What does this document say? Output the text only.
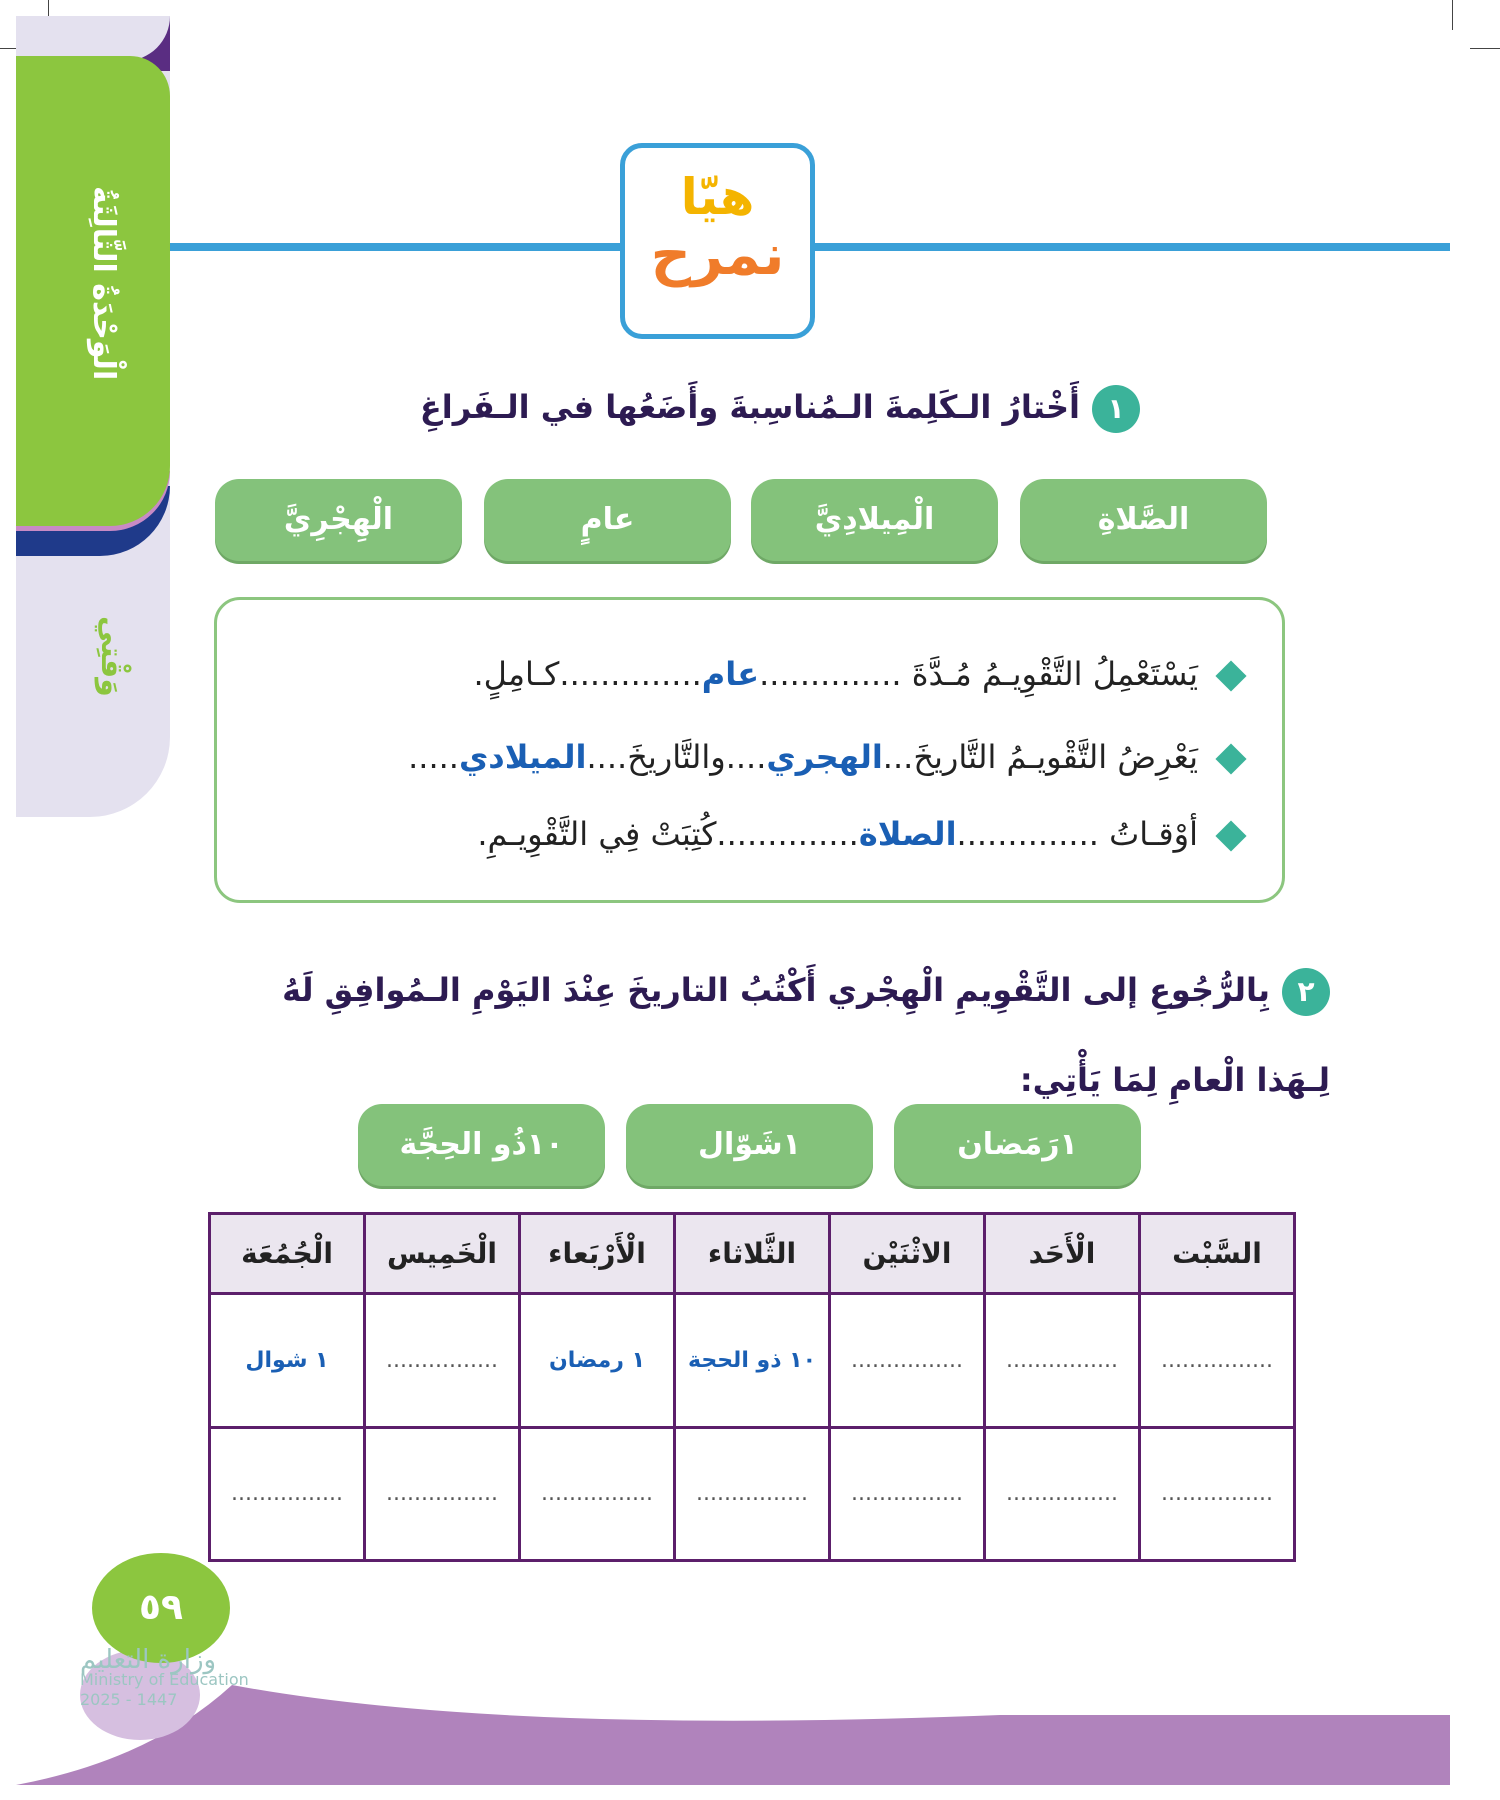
الْوَحْدَةُ الثَّالِثَةُ
وَقْتِي
هيّا
نمرح
١أَخْتارُ الـكَلِمةَ الـمُناسِبةَ وأَضَعُها في الـفَراغِ
الصَّلاةِ
الْمِيلادِيَّ
عامٍ
الْهِجْرِيَّ
يَسْتَعْمِلُ التَّقْوِيـمُ مُـدَّةَ ..............عام..............كـامِلٍ.
يَعْرِضُ التَّقْويـمُ التَّاريخَ...الهجري....والتَّاريخَ....الميلادي.....
أوْقـاتُ ..............الصلاة..............كُتِبَتْ فِي التَّقْوِيـمِ.
٢بِالرُّجُوعِ إلى التَّقْوِيمِ الْهِجْري أَكْتُبُ التاريخَ عِنْدَ اليَوْمِ الـمُوافِقِ لَهُ لِـهَذا الْعامِ لِمَا يَأْتِي:
١رَمَضان
١شَوّال
١٠ذُو الحِجَّة
السَّبْت	الْأَحَد	الاثْنَيْن	الثَّلاثاء	الْأَرْبَعاء	الْخَمِيس	الْجُمُعَة
................	................	................	١٠ ذو الحجة	١ رمضان	................	١ شوال
................	................	................	................	................	................	................
٥٩
وزارة التعليم
Ministry of Education
2025 - 1447
